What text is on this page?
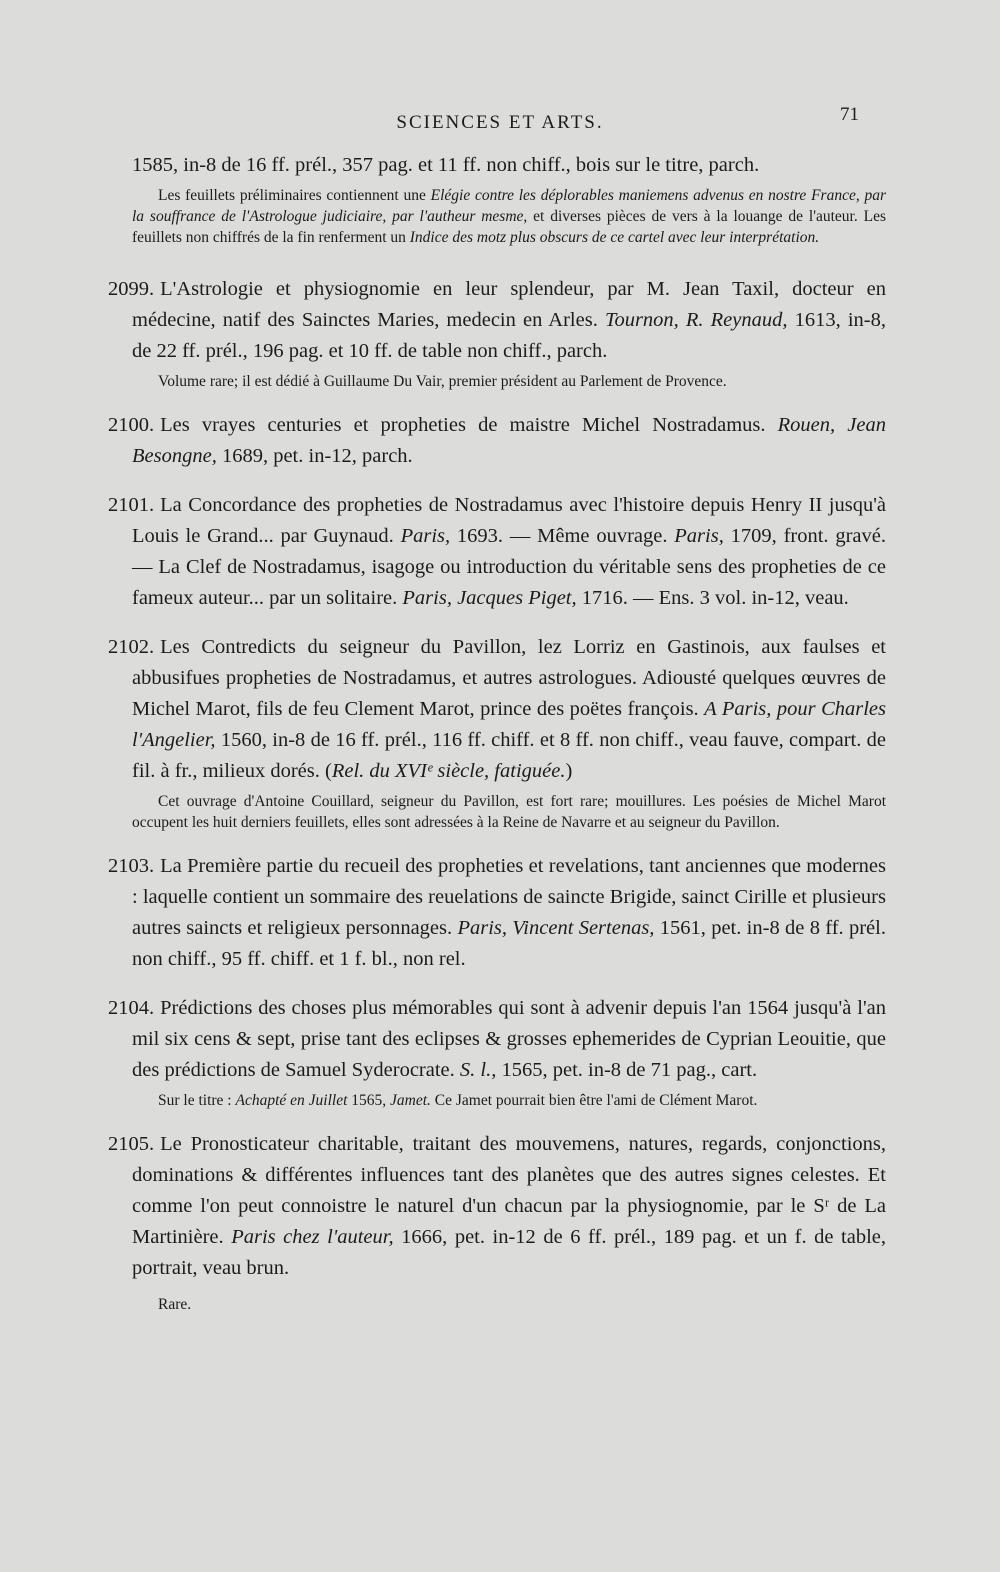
SCIENCES ET ARTS.	71

1585, in-8 de 16 ff. prél., 357 pag. et 11 ff. non chiff., bois sur le titre, parch.

Les feuillets préliminaires contiennent une Elégie contre les déplorables maniemens advenus en nostre France, par la souffrance de l'Astrologue judiciaire, par l'autheur mesme, et diverses pièces de vers à la louange de l'auteur. Les feuillets non chiffrés de la fin renferment un Indice des motz plus obscurs de ce cartel avec leur interprétation.

2099. L'Astrologie et physiognomie en leur splendeur, par M. Jean Taxil, docteur en médecine, natif des Sainctes Maries, medecin en Arles. Tournon, R. Reynaud, 1613, in-8, de 22 ff. prél., 196 pag. et 10 ff. de table non chiff., parch.

Volume rare; il est dédié à Guillaume Du Vair, premier président au Parlement de Provence.

2100. Les vrayes centuries et propheties de maistre Michel Nostradamus. Rouen, Jean Besongne, 1689, pet. in-12, parch.

2101. La Concordance des propheties de Nostradamus avec l'histoire depuis Henry II jusqu'à Louis le Grand... par Guynaud. Paris, 1693. — Même ouvrage. Paris, 1709, front. gravé. — La Clef de Nostradamus, isagoge ou introduction du véritable sens des propheties de ce fameux auteur... par un solitaire. Paris, Jacques Piget, 1716. — Ens. 3 vol. in-12, veau.

2102. Les Contredicts du seigneur du Pavillon, lez Lorriz en Gastinois, aux faulses et abbusifues propheties de Nostradamus, et autres astrologues. Adiousté quelques œuvres de Michel Marot, fils de feu Clement Marot, prince des poëtes françois. A Paris, pour Charles l'Angelier, 1560, in-8 de 16 ff. prél., 116 ff. chiff. et 8 ff. non chiff., veau fauve, compart. de fil. à fr., milieux dorés. (Rel. du XVIᵉ siècle, fatiguée.)

Cet ouvrage d'Antoine Couillard, seigneur du Pavillon, est fort rare; mouillures. Les poésies de Michel Marot occupent les huit derniers feuillets, elles sont adressées à la Reine de Navarre et au seigneur du Pavillon.

2103. La Première partie du recueil des propheties et revelations, tant anciennes que modernes : laquelle contient un sommaire des reuelations de saincte Brigide, sainct Cirille et plusieurs autres saincts et religieux personnages. Paris, Vincent Sertenas, 1561, pet. in-8 de 8 ff. prél. non chiff., 95 ff. chiff. et 1 f. bl., non rel.

2104. Prédictions des choses plus mémorables qui sont à advenir depuis l'an 1564 jusqu'à l'an mil six cens & sept, prise tant des eclipses & grosses ephemerides de Cyprian Leouitie, que des prédictions de Samuel Syderocrate. S. l., 1565, pet. in-8 de 71 pag., cart.

Sur le titre : Achapté en Juillet 1565, Jamet. Ce Jamet pourrait bien être l'ami de Clément Marot.

2105. Le Pronosticateur charitable, traitant des mouvemens, natures, regards, conjonctions, dominations & différentes influences tant des planètes que des autres signes celestes. Et comme l'on peut connoistre le naturel d'un chacun par la physiognomie, par le Sʳ de La Martinière. Paris chez l'auteur, 1666, pet. in-12 de 6 ff. prél., 189 pag. et un f. de table, portrait, veau brun.

Rare.
